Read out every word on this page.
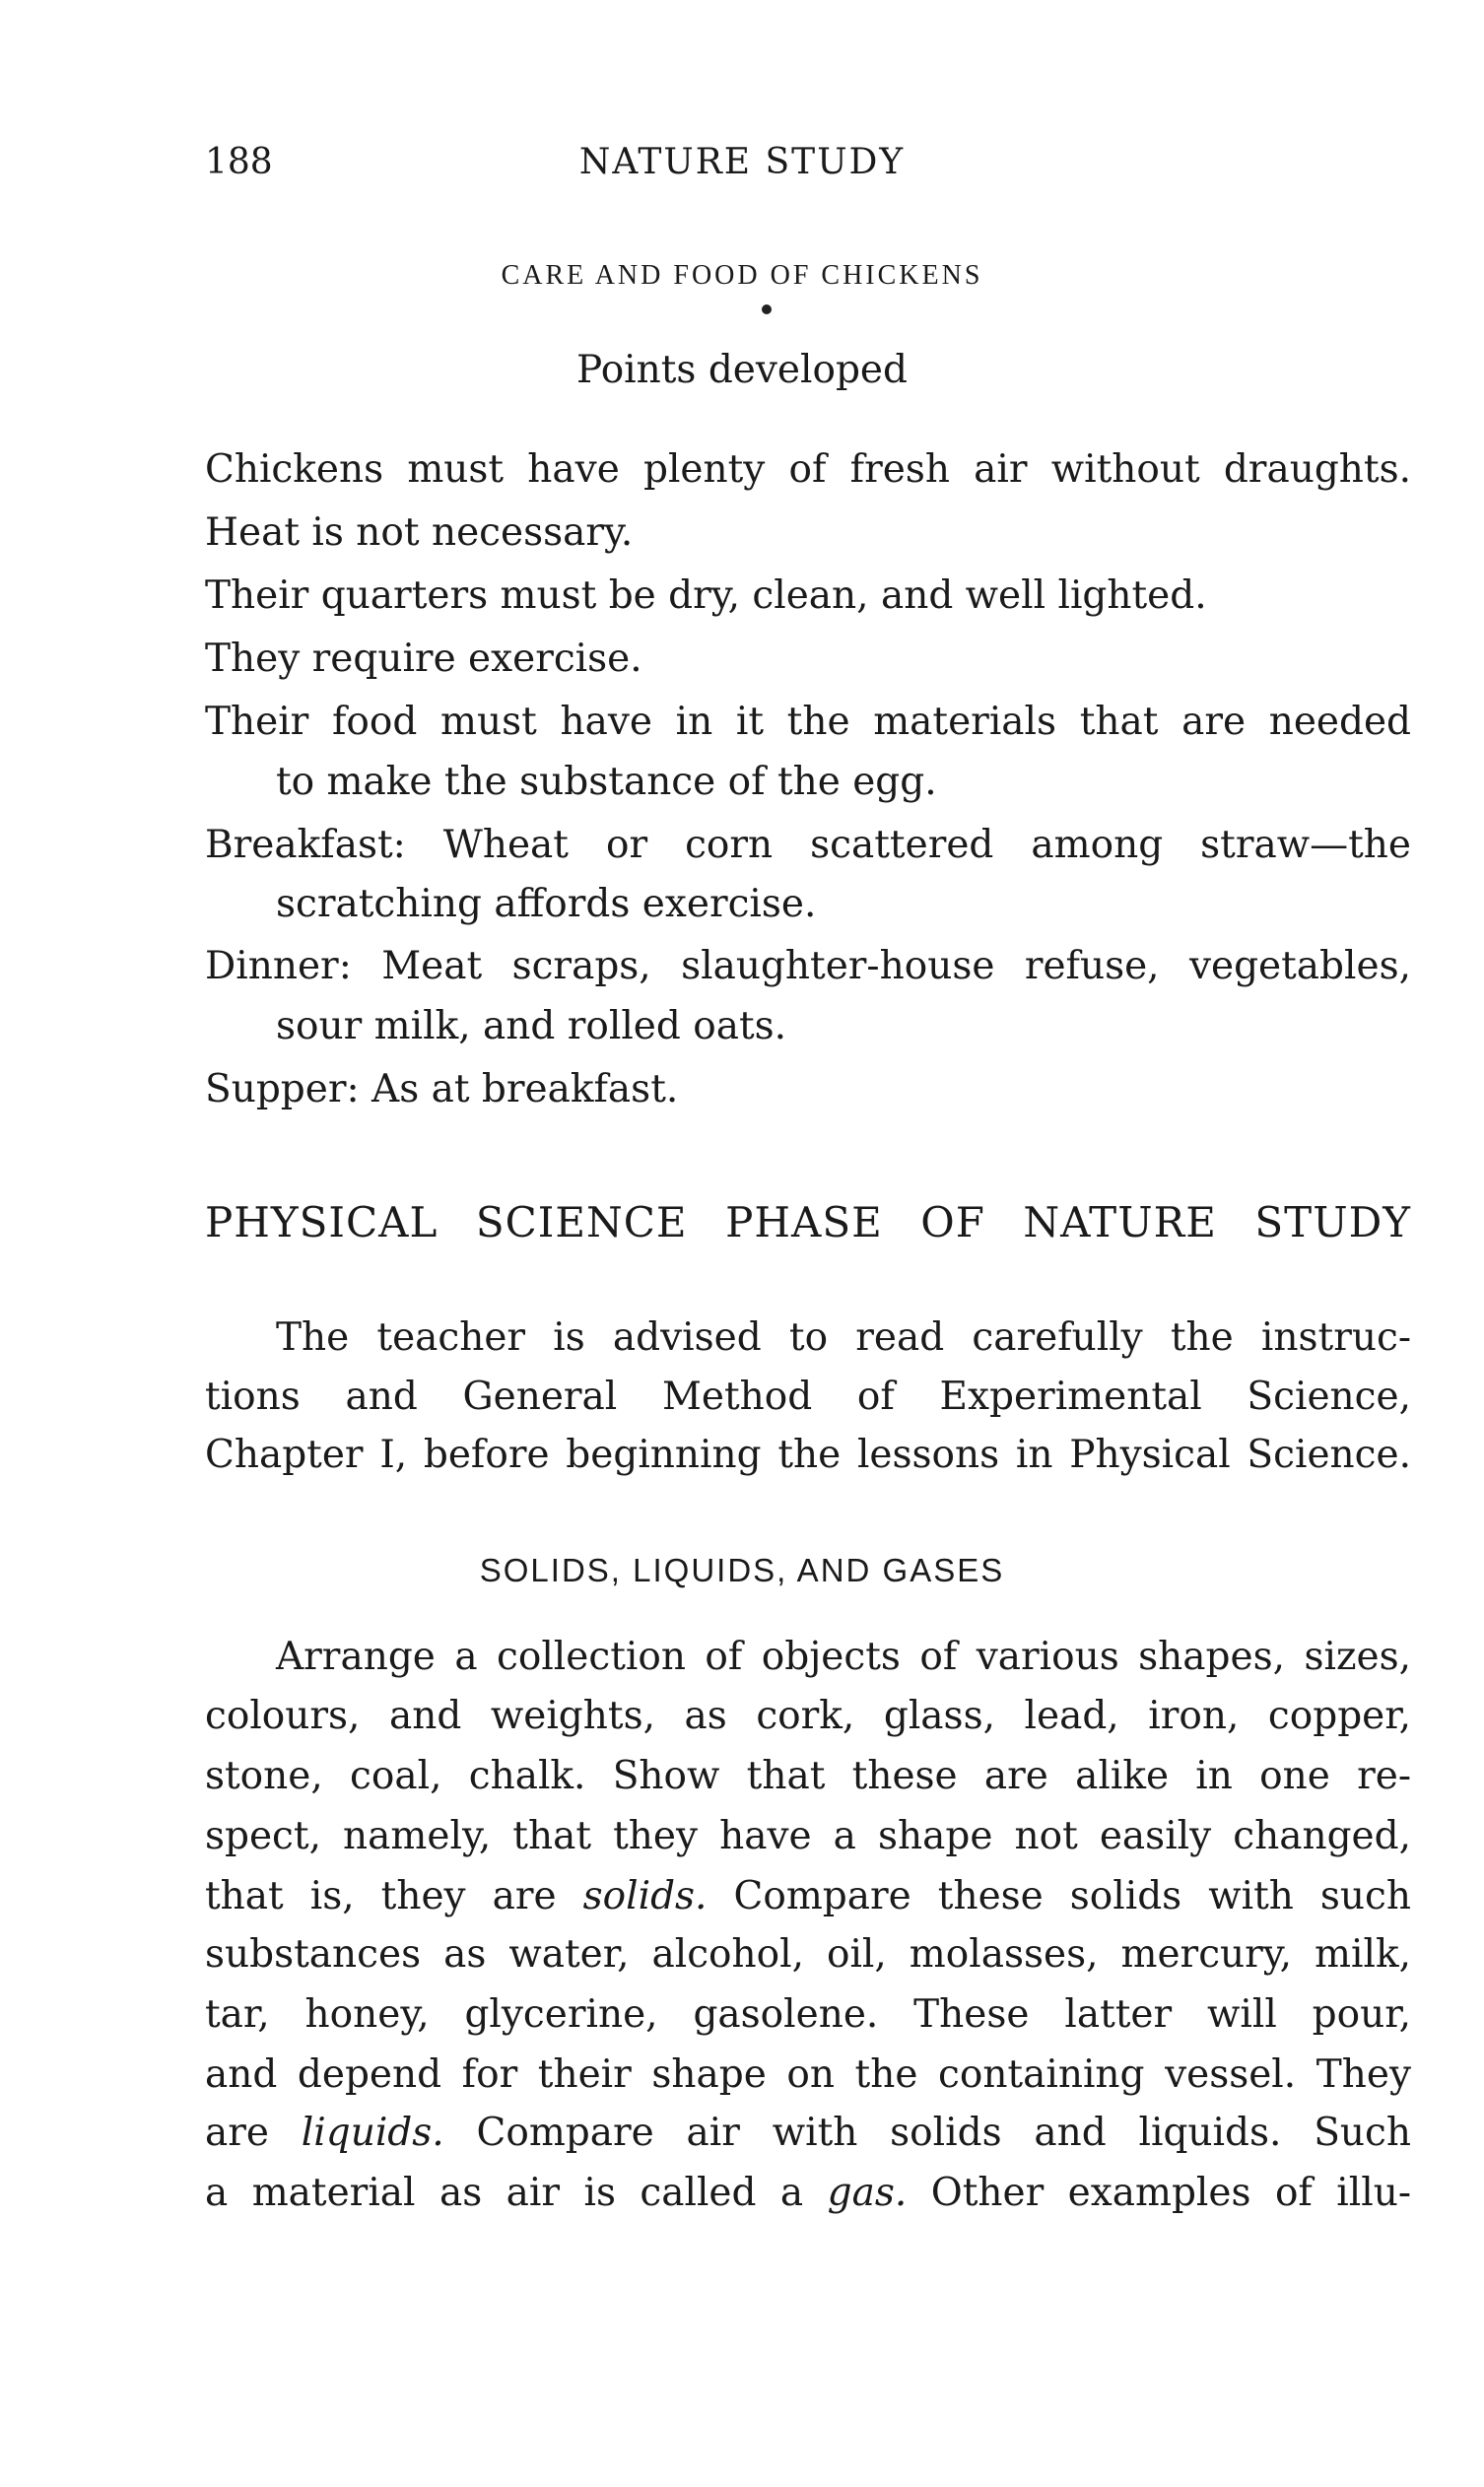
188	NATURE STUDY
CARE AND FOOD OF CHICKENS
Points developed
Chickens must have plenty of fresh air without draughts.
Heat is not necessary.
Their quarters must be dry, clean, and well lighted.
They require exercise.
Their food must have in it the materials that are needed
to make the substance of the egg.
Breakfast: Wheat or corn scattered among straw—the
scratching affords exercise.
Dinner: Meat scraps, slaughter-house refuse, vegetables,
sour milk, and rolled oats.
Supper: As at breakfast.
PHYSICAL SCIENCE PHASE OF NATURE STUDY
The teacher is advised to read carefully the instruc-
tions and General Method of Experimental Science,
Chapter I, before beginning the lessons in Physical Science.
SOLIDS, LIQUIDS, AND GASES
Arrange a collection of objects of various shapes, sizes,
colours, and weights, as cork, glass, lead, iron, copper,
stone, coal, chalk. Show that these are alike in one re-
spect, namely, that they have a shape not easily changed,
that is, they are solids. Compare these solids with such
substances as water, alcohol, oil, molasses, mercury, milk,
tar, honey, glycerine, gasolene. These latter will pour,
and depend for their shape on the containing vessel. They
are liquids. Compare air with solids and liquids. Such
a material as air is called a gas. Other examples of illu-
